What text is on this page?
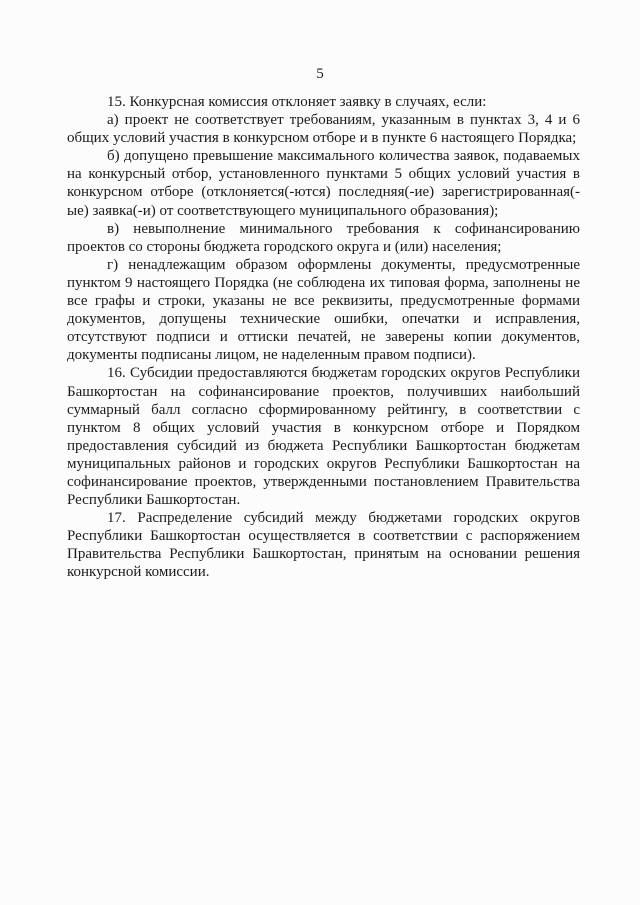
5

15. Конкурсная комиссия отклоняет заявку в случаях, если:

а) проект не соответствует требованиям, указанным в пунктах 3, 4 и 6 общих условий участия в конкурсном отборе и в пункте 6 настоящего Порядка;

б) допущено превышение максимального количества заявок, подаваемых на конкурсный отбор, установленного пунктами 5 общих условий участия в конкурсном отборе (отклоняется(-ются) последняя(-ие) зарегистрированная(-ые) заявка(-и) от соответствующего муниципального образования);

в) невыполнение минимального требования к софинансированию проектов со стороны бюджета городского округа и (или) населения;

г) ненадлежащим образом оформлены документы, предусмотренные пунктом 9 настоящего Порядка (не соблюдена их типовая форма, заполнены не все графы и строки, указаны не все реквизиты, предусмотренные формами документов, допущены технические ошибки, опечатки и исправления, отсутствуют подписи и оттиски печатей, не заверены копии документов, документы подписаны лицом, не наделенным правом подписи).

16. Субсидии предоставляются бюджетам городских округов Республики Башкортостан на софинансирование проектов, получивших наибольший суммарный балл согласно сформированному рейтингу, в соответствии с пунктом 8 общих условий участия в конкурсном отборе и Порядком предоставления субсидий из бюджета Республики Башкортостан бюджетам муниципальных районов и городских округов Республики Башкортостан на софинансирование проектов, утвержденными постановлением Правительства Республики Башкортостан.

17. Распределение субсидий между бюджетами городских округов Республики Башкортостан осуществляется в соответствии с распоряжением Правительства Республики Башкортостан, принятым на основании решения конкурсной комиссии.
